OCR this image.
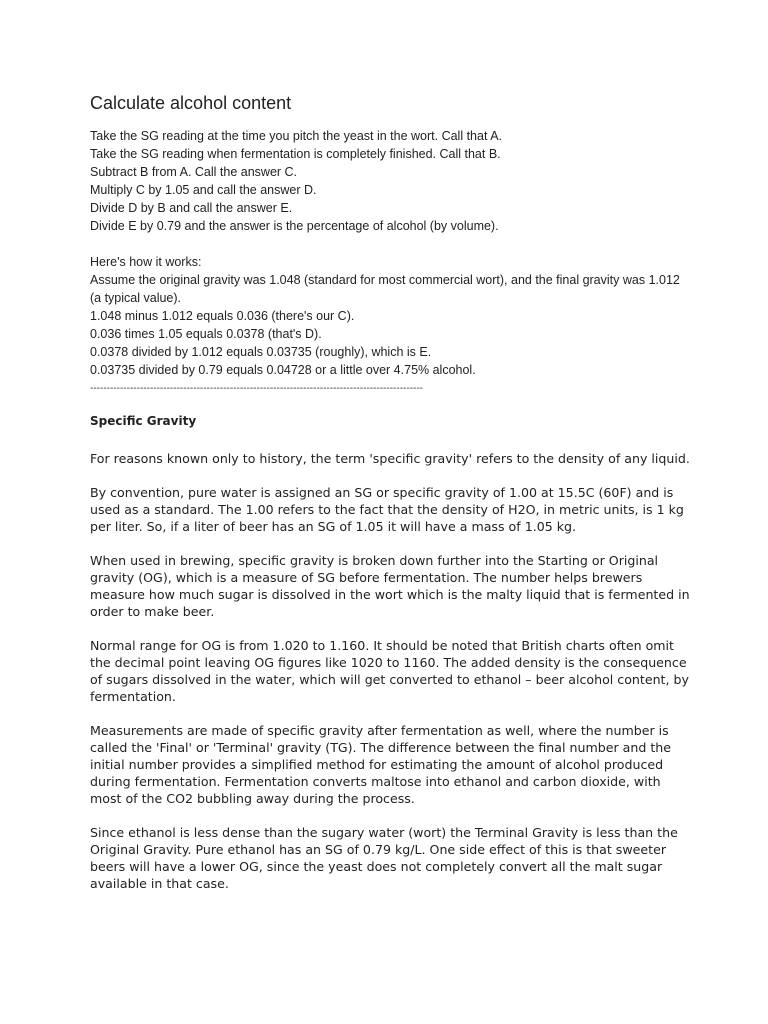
Calculate alcohol content

Take the SG reading at the time you pitch the yeast in the wort. Call that A.

Take the SG reading when fermentation is completely finished. Call that B.

Subtract B from A. Call the answer C.

Multiply C by 1.05 and call the answer D.

Divide D by B and call the answer E.

Divide E by 0.79 and the answer is the percentage of alcohol (by volume).

Here's how it works:

Assume the original gravity was 1.048 (standard for most commercial wort), and the final gravity was 1.012 (a typical value).

1.048 minus 1.012 equals 0.036 (there's our C).

0.036 times 1.05 equals 0.0378 (that's D).

0.0378 divided by 1.012 equals 0.03735 (roughly), which is E.

0.03735 divided by 0.79 equals 0.04728 or a little over 4.75% alcohol.

----------------------------------------------------------------------------------------------------
Specific Gravity

For reasons known only to history, the term 'specific gravity' refers to the density of any liquid.

By convention, pure water is assigned an SG or specific gravity of 1.00 at 15.5C (60F) and is used as a standard. The 1.00 refers to the fact that the density of H2O, in metric units, is 1 kg per liter. So, if a liter of beer has an SG of 1.05 it will have a mass of 1.05 kg.

When used in brewing, specific gravity is broken down further into the Starting or Original gravity (OG), which is a measure of SG before fermentation. The number helps brewers measure how much sugar is dissolved in the wort which is the malty liquid that is fermented in order to make beer.

Normal range for OG is from 1.020 to 1.160. It should be noted that British charts often omit the decimal point leaving OG figures like 1020 to 1160. The added density is the consequence of sugars dissolved in the water, which will get converted to ethanol – beer alcohol content, by fermentation.

Measurements are made of specific gravity after fermentation as well, where the number is called the 'Final' or 'Terminal' gravity (TG). The difference between the final number and the initial number provides a simplified method for estimating the amount of alcohol produced during fermentation. Fermentation converts maltose into ethanol and carbon dioxide, with most of the CO2 bubbling away during the process.

Since ethanol is less dense than the sugary water (wort) the Terminal Gravity is less than the Original Gravity. Pure ethanol has an SG of 0.79 kg/L. One side effect of this is that sweeter beers will have a lower OG, since the yeast does not completely convert all the malt sugar available in that case.
